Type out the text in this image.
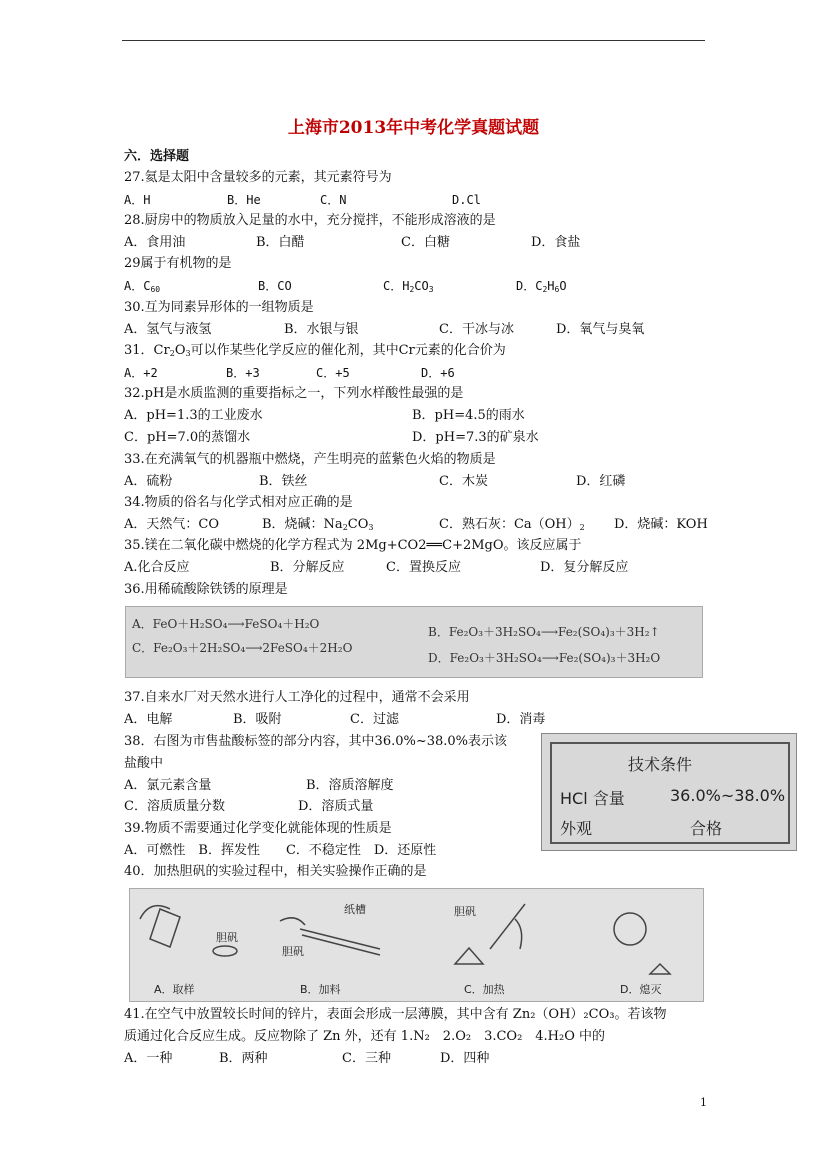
上海市2013年中考化学真题试题
六．选择题
27.氦是太阳中含量较多的元素，其元素符号为
A．H	B．He	C．N	D.Cl
28.厨房中的物质放入足量的水中，充分搅拌，不能形成溶液的是
A．食用油	B．白醋	C．白糖	D．食盐
29属于有机物的是
A．$C_{60}$	B．CO	C．$H_2CO_3$	D．$C_2H_6O$
30.互为同素异形体的一组物质是
A．氢气与液氢	B．水银与银	C．干冰与冰	D．氧气与臭氧
31．$Cr_2O_3$可以作某些化学反应的催化剂，其中Cr元素的化合价为
A．+2	B．+3	C．+5	D．+6
32.pH是水质监测的重要指标之一，下列水样酸性最强的是
A．pH=1.3的工业废水	B．pH=4.5的雨水
C．pH=7.0的蒸馏水	D．pH=7.3的矿泉水
33.在充满氧气的机器瓶中燃烧，产生明亮的蓝紫色火焰的物质是
A．硫粉	B．铁丝	C．木炭	D．红磷
34.物质的俗名与化学式相对应正确的是
A．天然气：CO	B．烧碱：$Na_2CO_3$	C．熟石灰：$Ca(OH)_2$ D．烧碱：KOH
35.镁在二氧化碳中燃烧的化学方程式为 2Mg+CO2══C+2MgO。该反应属于
A.化合反应	B．分解反应	C．置换反应	D．复分解反应
36.用稀硫酸除铁锈的原理是
A．FeO＋H₂SO₄⟶FeSO₄＋H₂O
C．Fe₂O₃＋2H₂SO₄⟶2FeSO₄＋2H₂O
B．Fe₂O₃＋3H₂SO₄⟶Fe₂(SO₄)₃＋3H₂↑
D．Fe₂O₃＋3H₂SO₄⟶Fe₂(SO₄)₃＋3H₂O
37.自来水厂对天然水进行人工净化的过程中，通常不会采用
A．电解	B．吸附	C．过滤	D．消毒
38．右图为市售盐酸标签的部分内容，其中36.0%~38.0%表示该
盐酸中
A．氯元素含量	B．溶质溶解度
C．溶质质量分数	D．溶质式量
技术条件
HCl 含量	36.0%~38.0%
外观	合格
39.物质不需要通过化学变化就能体现的性质是
A．可燃性　B．挥发性　　C．不稳定性　D．还原性
40．加热胆矾的实验过程中，相关实验操作正确的是
胆矾
胆矾
纸槽	胆矾
A．取样	B．加料	C．加热	D．熄灭
41.在空气中放置较长时间的锌片，表面会形成一层薄膜，其中含有 Zn₂（OH）₂CO₃。若该物
质通过化合反应生成。反应物除了 Zn 外，还有 1.N₂　2.O₂　3.CO₂　4.H₂O 中的
A．一种	B．两种	C．三种	D．四种
1
